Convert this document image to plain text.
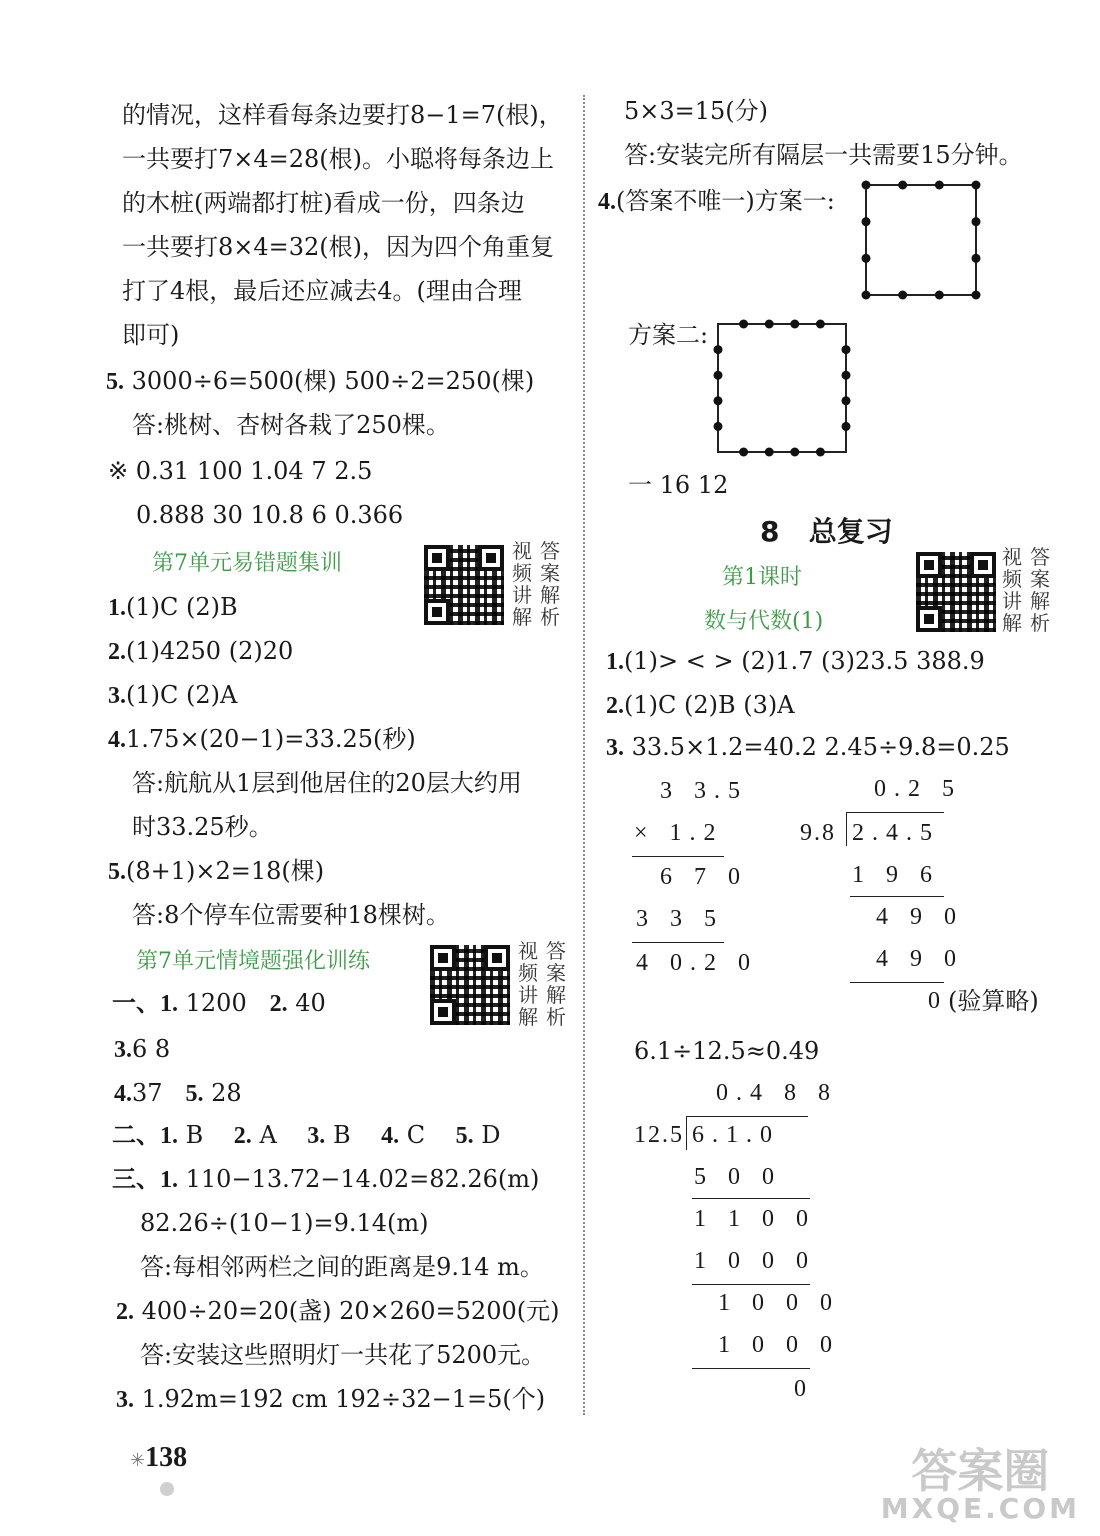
的情况，这样看每条边要打8−1=7(根)，
一共要打7×4=28(根)。小聪将每条边上
的木桩(两端都打桩)看成一份，四条边
一共要打8×4=32(根)，因为四个角重复
打了4根，最后还应减去4。(理由合理
即可)
5. 3000÷6=500(棵) 500÷2=250(棵)
答:桃树、杏树各栽了250棵。
※ 0.31 100 1.04 7 2.5
0.888 30 10.8 6 0.366
第7单元易错题集训	视 答
频 案
讲 解
解 析
1.(1)C (2)B
2.(1)4250 (2)20
3.(1)C (2)A
4.1.75×(20−1)=33.25(秒)
答:航航从1层到他居住的20层大约用
时33.25秒。
5.(8+1)×2=18(棵)
答:8个停车位需要种18棵树。
第7单元情境题强化训练	视 答
频 案
讲 解
解 析
一、1. 1200 2. 40
3.6 8
4.37 5. 28
二、1. B 2. A 3. B 4. C 5. D
三、1. 110−13.72−14.02=82.26(m)
82.26÷(10−1)=9.14(m)
答:每相邻两栏之间的距离是9.14 m。
2. 400÷20=20(盏) 20×260=5200(元)
答:安装这些照明灯一共花了5200元。
3. 1.92m=192 cm 192÷32−1=5(个)
5×3=15(分)
答:安装完所有隔层一共需要15分钟。
4.(答案不唯一)方案一:
方案二:
一 16 12
8 总复习
第1课时
数与代数(1)
视 答
频 案
讲 解
解 析
1.(1)> < > (2)1.7 (3)23.5 388.9
2.(1)C (2)B (3)A
3. 33.5×1.2=40.2 2.45÷9.8=0.25
3 3.5
× 1.2
6 7 0
3 3 5
4 0.2 0
0.2 5
9.8 2.4.5
1 9 6
4 9 0
4 9 0
0 (验算略)
6.1÷12.5≈0.49
0.4 8 8
12.5 6.1.0
5 0 0
1 1 0 0
1 0 0 0
1 0 0 0
1 0 0 0
0
✳138	答案圈
MXQE.COM
